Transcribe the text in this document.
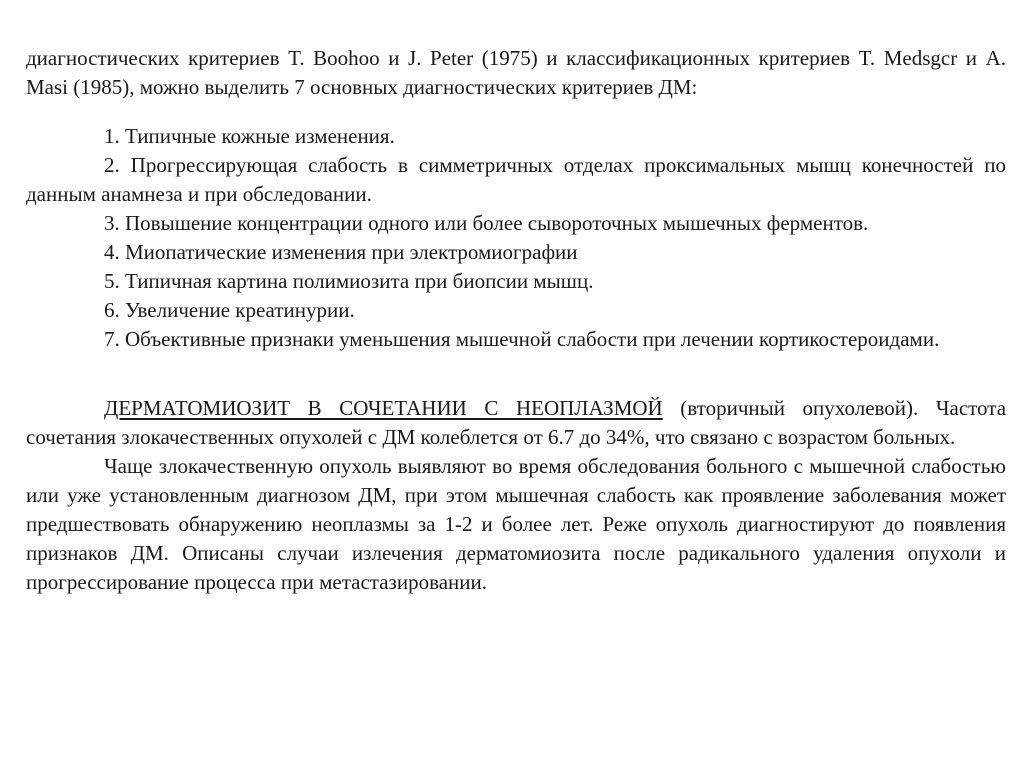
диагностических критериев T. Boohoo и J. Peter (1975) и классификационных критериев T. Medsgcr и A. Masi (1985), можно выделить 7 основных диагностических критериев ДМ:

1. Типичные кожные изменения.

2. Прогрессирующая слабость в симметричных отделах проксимальных мышц конечностей по данным анамнеза и при обследовании.

3. Повышение концентрации одного или более сывороточных мышечных ферментов.

4. Миопатические изменения при электромиографии

5. Типичная картина полимиозита при биопсии мышц.

6. Увеличение креатинурии.

7. Объективные признаки уменьшения мышечной слабости при лечении кортикостероидами.

ДЕРМАТОМИОЗИТ В СОЧЕТАНИИ С НЕОПЛАЗМОЙ (вторичный опухолевой). Частота сочетания злокачественных опухолей с ДМ колеблется от 6.7 до 34%, что связано с возрастом больных.

Чаще злокачественную опухоль выявляют во время обследования больного с мышечной слабостью или уже установленным диагнозом ДМ, при этом мышечная слабость как проявление заболевания может предшествовать обнаружению неоплазмы за 1-2 и более лет. Реже опухоль диагностируют до появления признаков ДМ. Описаны случаи излечения дерматомиозита после радикального удаления опухоли и прогрессирование процесса при метастазировании.
